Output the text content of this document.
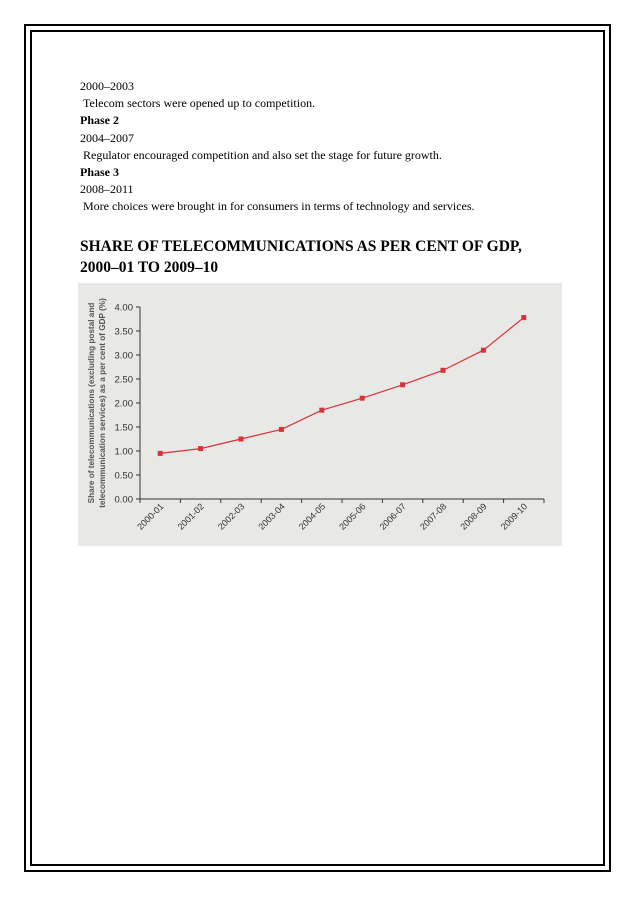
2000–2003

Telecom sectors were opened up to competition.

Phase 2

2004–2007

Regulator encouraged competition and also set the stage for future growth.

Phase 3

2008–2011

More choices were brought in for consumers in terms of technology and services.

SHARE OF TELECOMMUNICATIONS AS PER CENT OF GDP, 2000–01 TO 2009–10
0.00
0.50
1.00
1.50
2.00
2.50
3.00
3.50
4.00
2000-01 2001-02 2002-03 2003-04 2004-05 2005-06 2006-07 2007-08 2008-09 2009-10
Share of telecommunications (excluding postal and telecommunication services) as a per cent of GDP (%)
